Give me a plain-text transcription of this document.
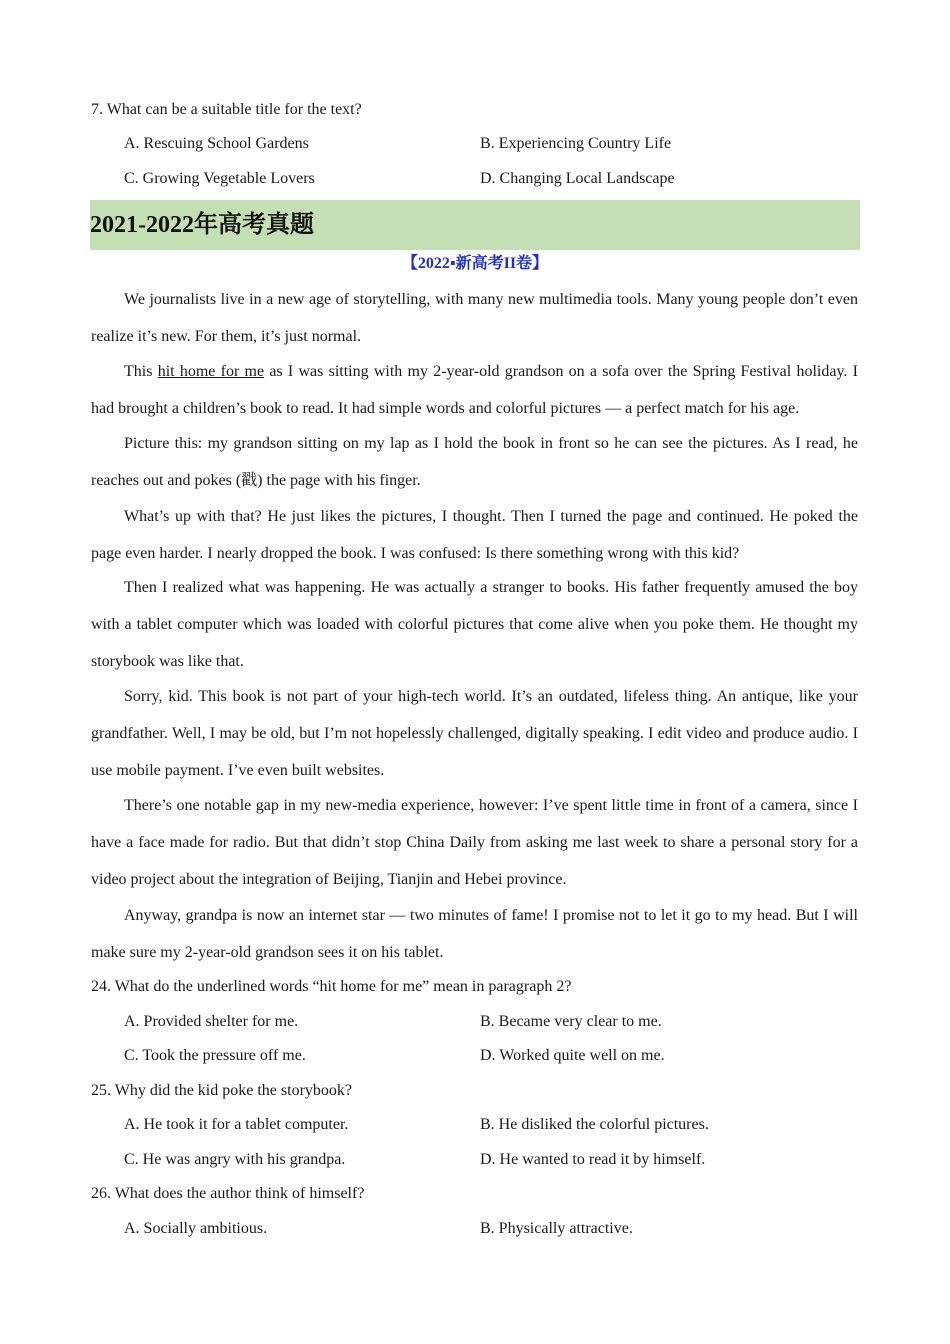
7. What can be a suitable title for the text?
A. Rescuing School Gardens	B. Experiencing Country Life
C. Growing Vegetable Lovers	D. Changing Local Landscape
2021-2022年高考真题
【2022▪新高考II卷】

We journalists live in a new age of storytelling, with many new multimedia tools. Many young people don’t even realize it’s new. For them, it’s just normal.

This hit home for me as I was sitting with my 2-year-old grandson on a sofa over the Spring Festival holiday. I had brought a children’s book to read. It had simple words and colorful pictures — a perfect match for his age.

Picture this: my grandson sitting on my lap as I hold the book in front so he can see the pictures. As I read, he reaches out and pokes (戳) the page with his finger.

What’s up with that? He just likes the pictures, I thought. Then I turned the page and continued. He poked the page even harder. I nearly dropped the book. I was confused: Is there something wrong with this kid?

Then I realized what was happening. He was actually a stranger to books. His father frequently amused the boy with a tablet computer which was loaded with colorful pictures that come alive when you poke them. He thought my storybook was like that.

Sorry, kid. This book is not part of your high-tech world. It’s an outdated, lifeless thing. An antique, like your grandfather. Well, I may be old, but I’m not hopelessly challenged, digitally speaking. I edit video and produce audio. I use mobile payment. I’ve even built websites.

There’s one notable gap in my new-media experience, however: I’ve spent little time in front of a camera, since I have a face made for radio. But that didn’t stop China Daily from asking me last week to share a personal story for a video project about the integration of Beijing, Tianjin and Hebei province.

Anyway, grandpa is now an internet star — two minutes of fame! I promise not to let it go to my head. But I will make sure my 2-year-old grandson sees it on his tablet.

24. What do the underlined words “hit home for me” mean in paragraph 2?
A. Provided shelter for me.	B. Became very clear to me.
C. Took the pressure off me.	D. Worked quite well on me.
25. Why did the kid poke the storybook?
A. He took it for a tablet computer.	B. He disliked the colorful pictures.
C. He was angry with his grandpa.	D. He wanted to read it by himself.
26. What does the author think of himself?
A. Socially ambitious.	B. Physically attractive.
